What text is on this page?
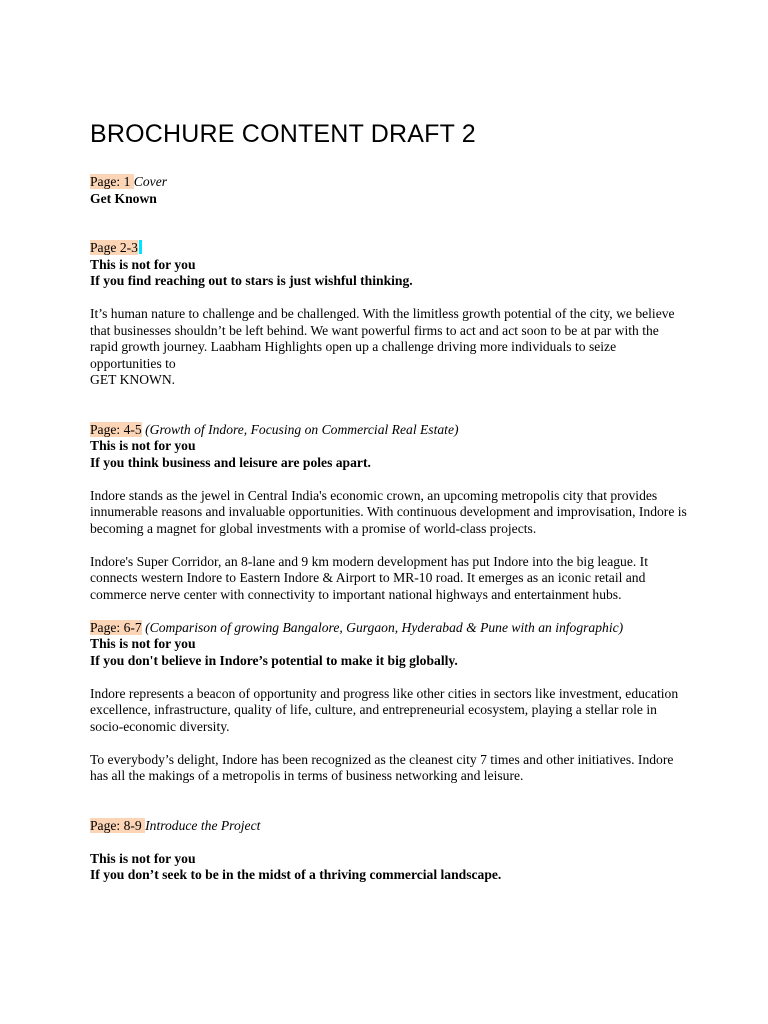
BROCHURE CONTENT DRAFT 2

Page: 1 Cover

Get Known

Page 2-3

This is not for you

If you find reaching out to stars is just wishful thinking.

It’s human nature to challenge and be challenged. With the limitless growth potential of the city, we believe that businesses shouldn’t be left behind. We want powerful firms to act and act soon to be at par with the rapid growth journey. Laabham Highlights open up a challenge driving more individuals to seize opportunities to

GET KNOWN.

Page: 4-5 (Growth of Indore, Focusing on Commercial Real Estate)

This is not for you

If you think business and leisure are poles apart.

Indore stands as the jewel in Central India's economic crown, an upcoming metropolis city that provides innumerable reasons and invaluable opportunities. With continuous development and improvisation, Indore is becoming a magnet for global investments with a promise of world-class projects.

Indore's Super Corridor, an 8-lane and 9 km modern development has put Indore into the big league. It connects western Indore to Eastern Indore & Airport to MR-10 road. It emerges as an iconic retail and commerce nerve center with connectivity to important national highways and entertainment hubs.

Page: 6-7 (Comparison of growing Bangalore, Gurgaon, Hyderabad & Pune with an infographic)

This is not for you

If you don't believe in Indore’s potential to make it big globally.

Indore represents a beacon of opportunity and progress like other cities in sectors like investment, education excellence, infrastructure, quality of life, culture, and entrepreneurial ecosystem, playing a stellar role in socio-economic diversity.

To everybody’s delight, Indore has been recognized as the cleanest city 7 times and other initiatives. Indore has all the makings of a metropolis in terms of business networking and leisure.

Page: 8-9 Introduce the Project

This is not for you

If you don’t seek to be in the midst of a thriving commercial landscape.
